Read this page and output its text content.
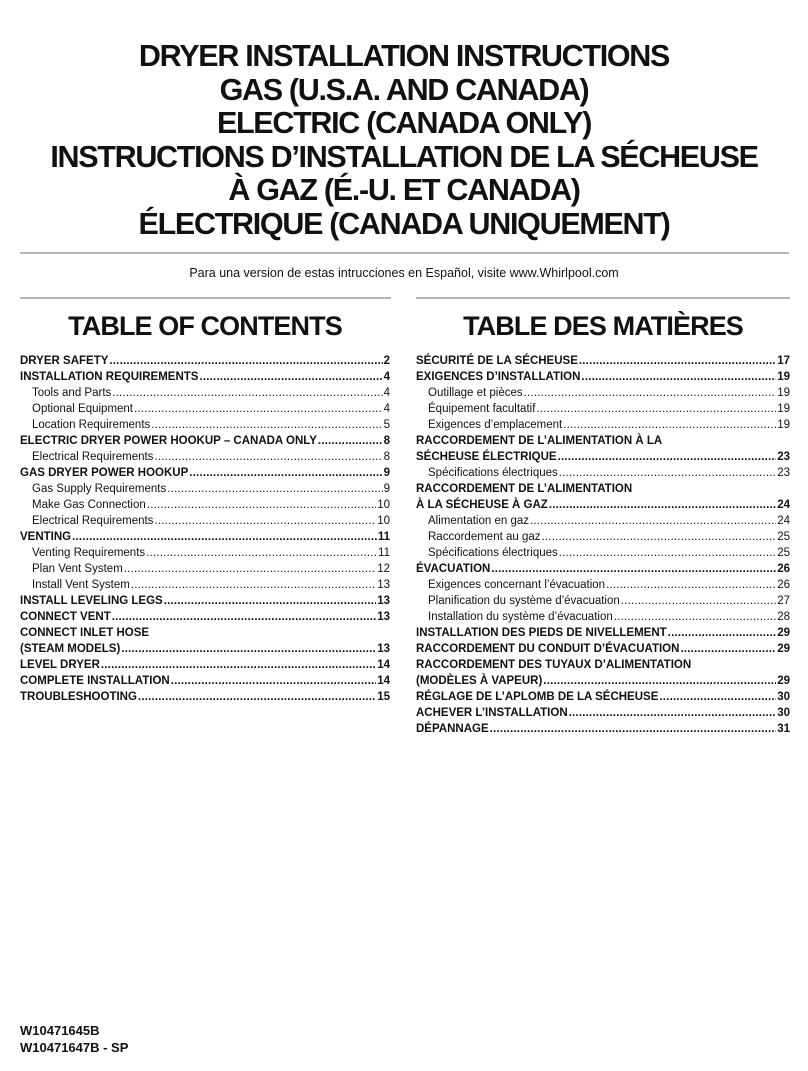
DRYER INSTALLATION INSTRUCTIONS
GAS (U.S.A. AND CANADA)
ELECTRIC (CANADA ONLY)
INSTRUCTIONS D’INSTALLATION DE LA SÉCHEUSE
À GAZ (É.-U. ET CANADA)
ÉLECTRIQUE (CANADA UNIQUEMENT)
Para una version de estas intrucciones en Español, visite www.Whirlpool.com
TABLE OF CONTENTS
DRYER SAFETY .....	2
INSTALLATION REQUIREMENTS .....	4
Tools and Parts .....	4
Optional Equipment .....	4
Location Requirements .....	5
ELECTRIC DRYER POWER HOOKUP – CANADA ONLY .....	8
Electrical Requirements .....	8
GAS DRYER POWER HOOKUP .....	9
Gas Supply Requirements .....	9
Make Gas Connection .....	10
Electrical Requirements .....	10
VENTING .....	11
Venting Requirements .....	11
Plan Vent System .....	12
Install Vent System .....	13
INSTALL LEVELING LEGS .....	13
CONNECT VENT .....	13
CONNECT INLET HOSE
(STEAM MODELS) .....	13
LEVEL DRYER .....	14
COMPLETE INSTALLATION .....	14
TROUBLESHOOTING .....	15
TABLE DES MATIÈRES
SÉCURITÉ DE LA SÉCHEUSE .....	17
EXIGENCES D’INSTALLATION .....	19
Outillage et pièces .....	19
Équipement facultatif .....	19
Exigences d’emplacement .....	19
RACCORDEMENT DE L’ALIMENTATION À LA
SÉCHEUSE ÉLECTRIQUE .....	23
Spécifications électriques .....	23
RACCORDEMENT DE L’ALIMENTATION
À LA SÉCHEUSE À GAZ .....	24
Alimentation en gaz .....	24
Raccordement au gaz .....	25
Spécifications électriques .....	25
ÉVACUATION .....	26
Exigences concernant l’évacuation .....	26
Planification du système d’évacuation .....	27
Installation du système d’évacuation .....	28
INSTALLATION DES PIEDS DE NIVELLEMENT .....	29
RACCORDEMENT DU CONDUIT D’ÉVACUATION .....	29
RACCORDEMENT DES TUYAUX D’ALIMENTATION
(MODÈLES À VAPEUR) .....	29
RÉGLAGE DE L’APLOMB DE LA SÉCHEUSE .....	30
ACHEVER L’INSTALLATION .....	30
DÉPANNAGE .....	31
W10471645B
W10471647B - SP
